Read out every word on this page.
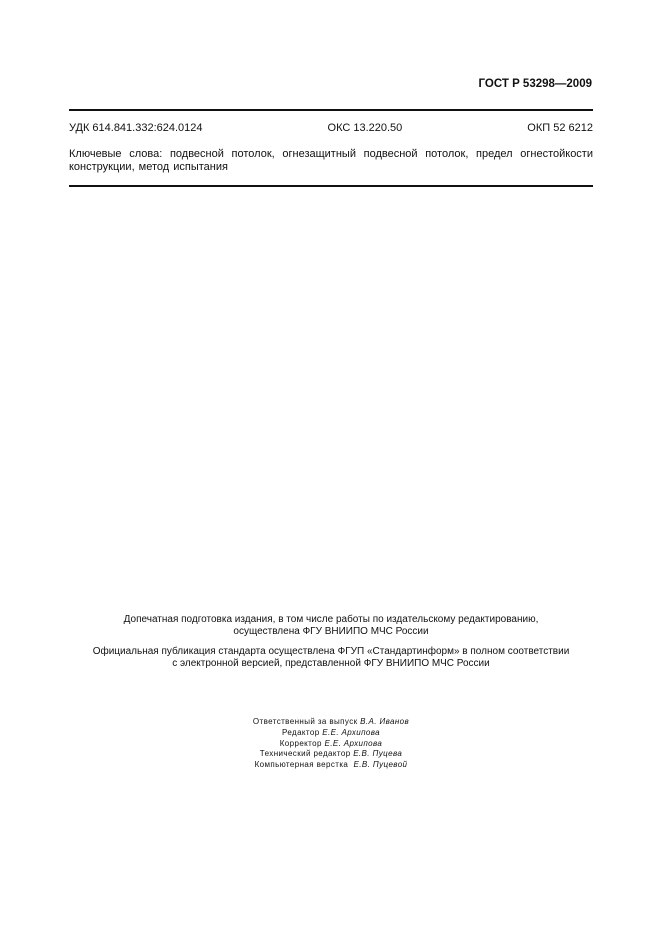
ГОСТ Р 53298—2009
УДК 614.841.332:624.0124	ОКС 13.220.50	ОКП 52 6212
Ключевые слова: подвесной потолок, огнезащитный подвесной потолок, предел огнестойкости конструкции, метод испытания
Допечатная подготовка издания, в том числе работы по издательскому редактированию,
осуществлена ФГУ ВНИИПО МЧС России
Официальная публикация стандарта осуществлена ФГУП «Стандартинформ» в полном соответствии
с электронной версией, представленной ФГУ ВНИИПО МЧС России
Ответственный за выпуск В.А. Иванов
Редактор Е.Е. Архипова
Корректор Е.Е. Архипова
Технический редактор Е.В. Пуцева
Компьютерная верстка Е.В. Пуцевой
